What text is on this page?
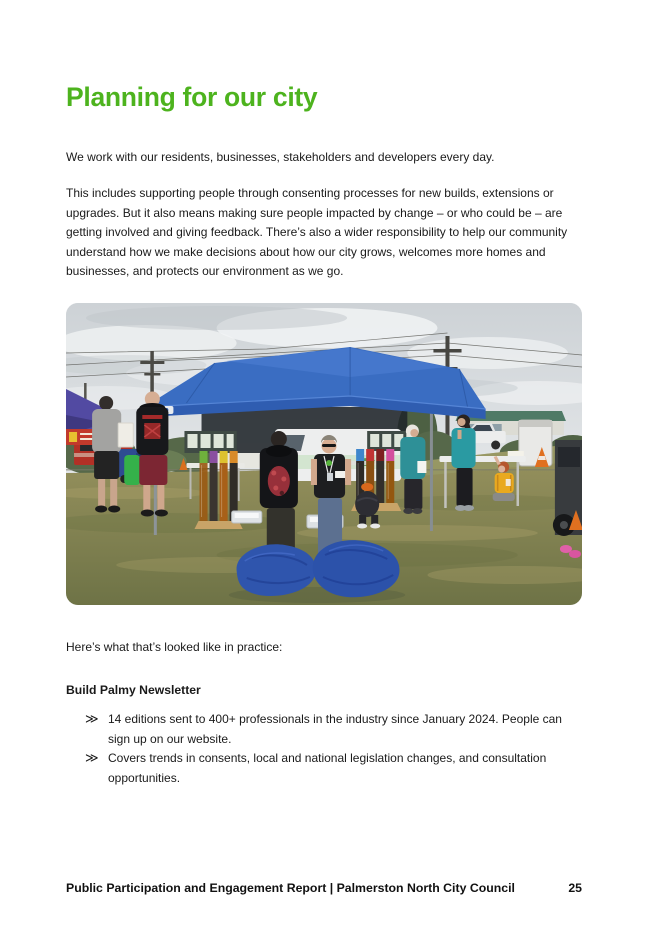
Planning for our city

We work with our residents, businesses, stakeholders and developers every day.

This includes supporting people through consenting processes for new builds, extensions or upgrades. But it also means making sure people impacted by change – or who could be – are getting involved and giving feedback. There’s also a wider responsibility to help our community understand how we make decisions about how our city grows, welcomes more homes and businesses, and protects our environment as we go.

Here’s what that’s looked like in practice:

Build Palmy Newsletter
≫ 14 editions sent to 400+ professionals in the industry since January 2024. People can sign up on our website.
≫ Covers trends in consents, local and national legislation changes, and consultation opportunities.
Public Participation and Engagement Report | Palmerston North City Council	25
